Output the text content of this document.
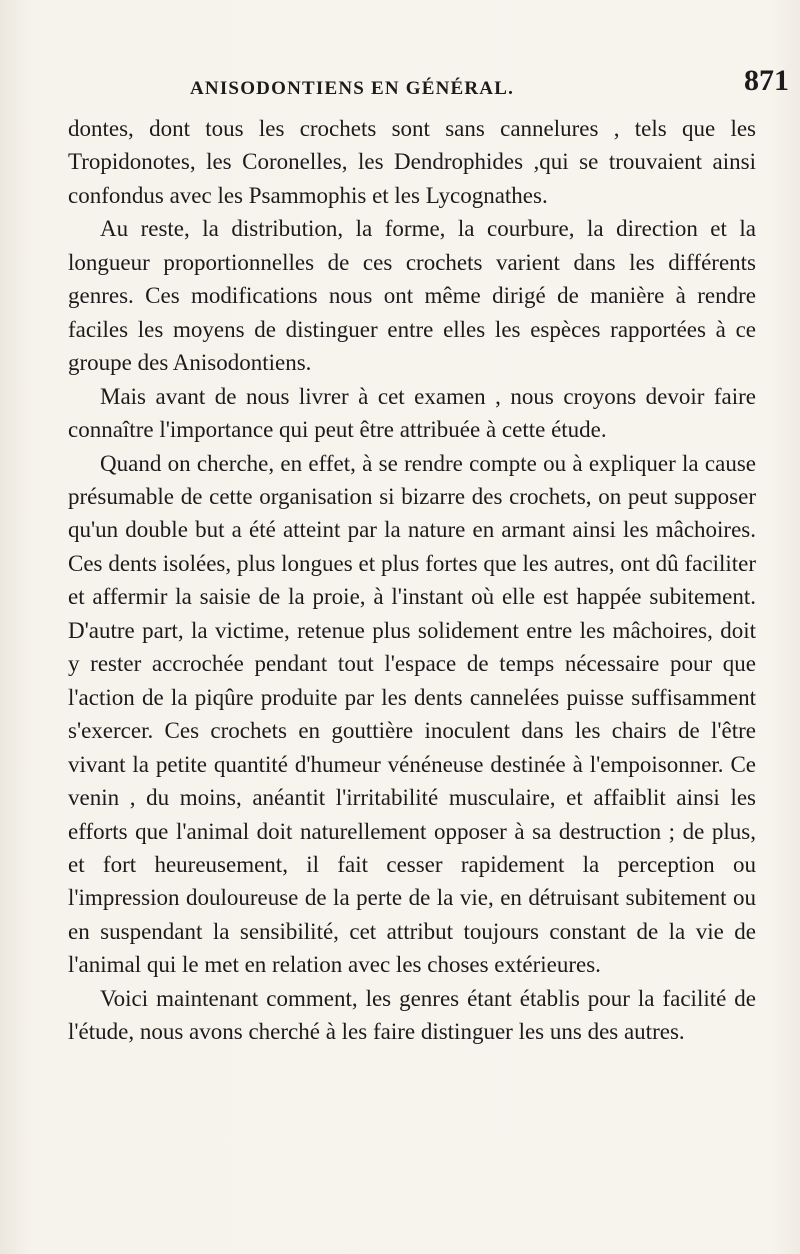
ANISODONTIENS EN GÉNÉRAL.	871

dontes, dont tous les crochets sont sans cannelures , tels que les Tropidonotes, les Coronelles, les Dendrophides ,qui se trouvaient ainsi confondus avec les Psammophis et les Lycognathes.

Au reste, la distribution, la forme, la courbure, la direction et la longueur proportionnelles de ces crochets varient dans les différents genres. Ces modifications nous ont même dirigé de manière à rendre faciles les moyens de distinguer entre elles les espèces rapportées à ce groupe des Anisodontiens.

Mais avant de nous livrer à cet examen , nous croyons devoir faire connaître l'importance qui peut être attribuée à cette étude.

Quand on cherche, en effet, à se rendre compte ou à expliquer la cause présumable de cette organisation si bizarre des crochets, on peut supposer qu'un double but a été atteint par la nature en armant ainsi les mâchoires. Ces dents isolées, plus longues et plus fortes que les autres, ont dû faciliter et affermir la saisie de la proie, à l'instant où elle est happée subitement. D'autre part, la victime, retenue plus solidement entre les mâchoires, doit y rester accrochée pendant tout l'espace de temps nécessaire pour que l'action de la piqûre produite par les dents cannelées puisse suffisamment s'exercer. Ces crochets en gouttière inoculent dans les chairs de l'être vivant la petite quantité d'humeur vénéneuse destinée à l'empoisonner. Ce venin , du moins, anéantit l'irritabilité musculaire, et affaiblit ainsi les efforts que l'animal doit naturellement opposer à sa destruction ; de plus, et fort heureusement, il fait cesser rapidement la perception ou l'impression douloureuse de la perte de la vie, en détruisant subitement ou en suspendant la sensibilité, cet attribut toujours constant de la vie de l'animal qui le met en relation avec les choses extérieures.

Voici maintenant comment, les genres étant établis pour la facilité de l'étude, nous avons cherché à les faire distinguer les uns des autres.
